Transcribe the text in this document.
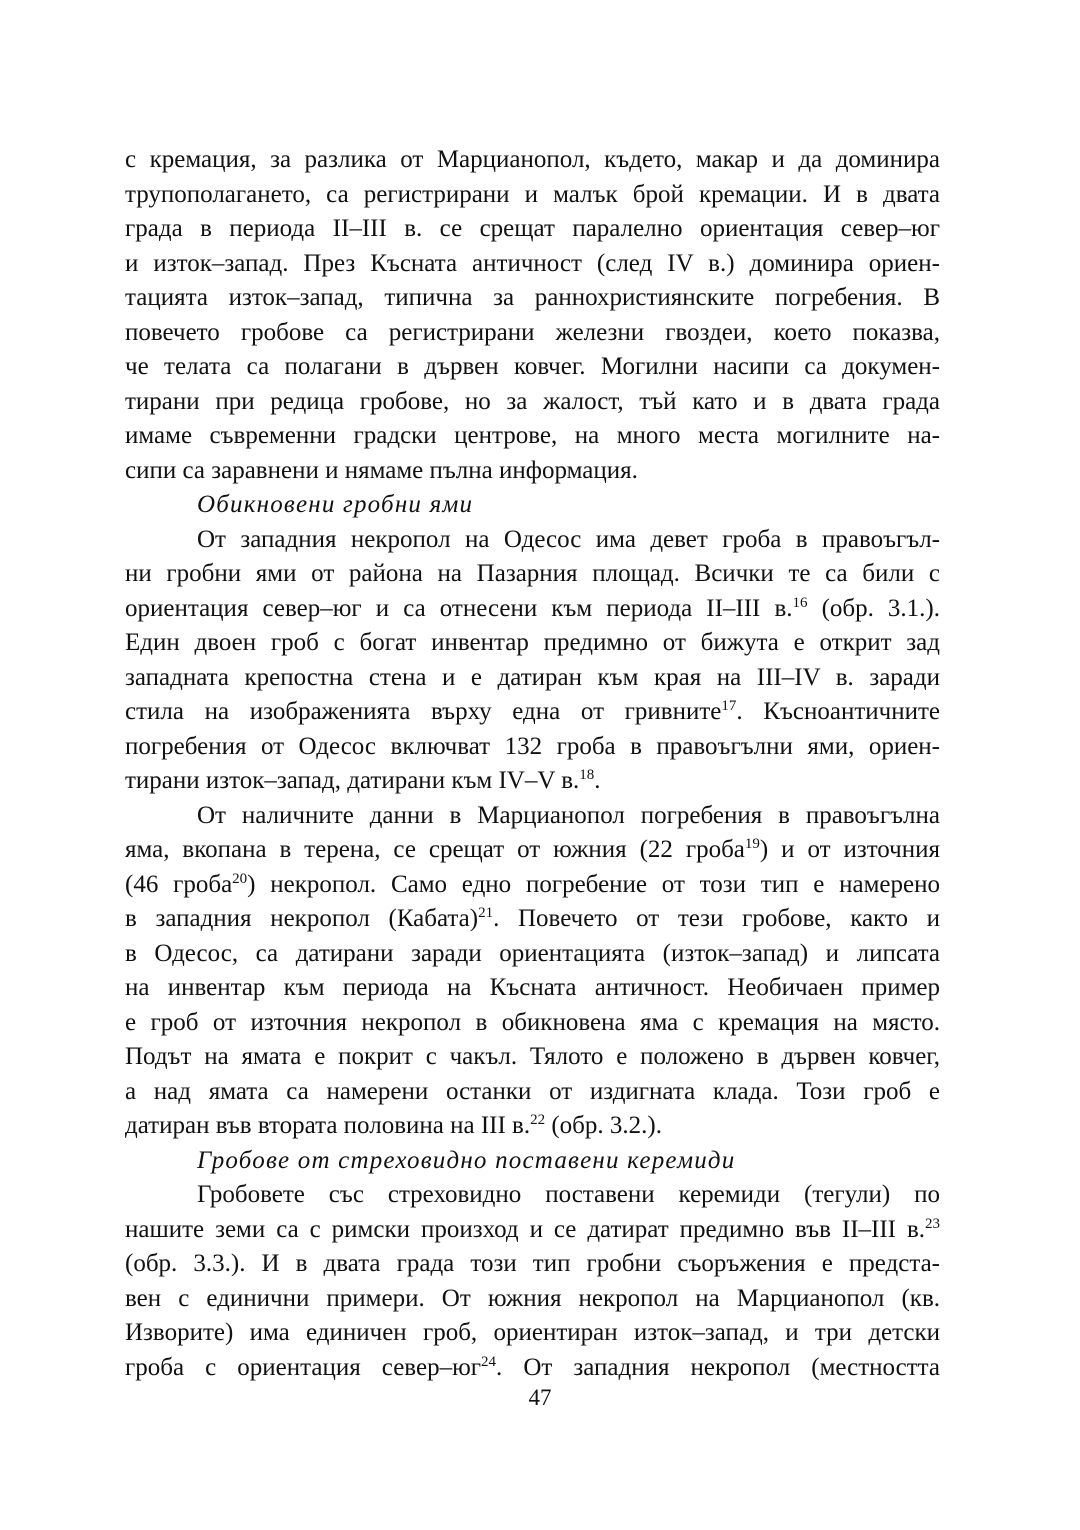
с кремация, за разлика от Марцианопол, където, макар и да доминира
трупополагането, са регистрирани и малък брой кремации. И в двата
града в периода II–III в. се срещат паралелно ориентация север–юг
и изток–запад. През Късната античност (след IV в.) доминира ориен-
тацията изток–запад, типична за раннохристиянските погребения. В
повечето гробове са регистрирани железни гвоздеи, което показва,
че телата са полагани в дървен ковчег. Могилни насипи са докумен-
тирани при редица гробове, но за жалост, тъй като и в двата града
имаме съвременни градски центрове, на много места могилните на-
сипи са заравнени и нямаме пълна информация.
Обикновени гробни ями
От западния некропол на Одесос има девет гроба в правоъгъл-
ни гробни ями от района на Пазарния площад. Всички те са били с
ориентация север–юг и са отнесени към периода II–III в.$^{16}$ (обр. 3.1.).
Един двоен гроб с богат инвентар предимно от бижута е открит зад
западната крепостна стена и е датиран към края на III–IV в. заради
стила на изображенията върху една от гривните$^{17}$. Късноантичните
погребения от Одесос включват 132 гроба в правоъгълни ями, ориен-
тирани изток–запад, датирани към IV–V в.$^{18}$.
От наличните данни в Марцианопол погребения в правоъгълна
яма, вкопана в терена, се срещат от южния (22 гроба$^{19}$) и от източния
(46 гроба$^{20}$) некропол. Само едно погребение от този тип е намерено
в западния некропол (Кабата)$^{21}$. Повечето от тези гробове, както и
в Одесос, са датирани заради ориентацията (изток–запад) и липсата
на инвентар към периода на Късната античност. Необичаен пример
е гроб от източния некропол в обикновена яма с кремация на място.
Подът на ямата е покрит с чакъл. Тялото е положено в дървен ковчег,
а над ямата са намерени останки от издигната клада. Този гроб е
датиран във втората половина на III в.$^{22}$ (обр. 3.2.).
Гробове от стреховидно поставени керемиди
Гробовете със стреховидно поставени керемиди (тегули) по
нашите земи са с римски произход и се датират предимно във II–III в.$^{23}$
(обр. 3.3.). И в двата града този тип гробни съоръжения е предста-
вен с единични примери. От южния некропол на Марцианопол (кв.
Изворите) има единичен гроб, ориентиран изток–запад, и три детски
гроба с ориентация север–$юг^{24}$. От западния некропол (местността
47
